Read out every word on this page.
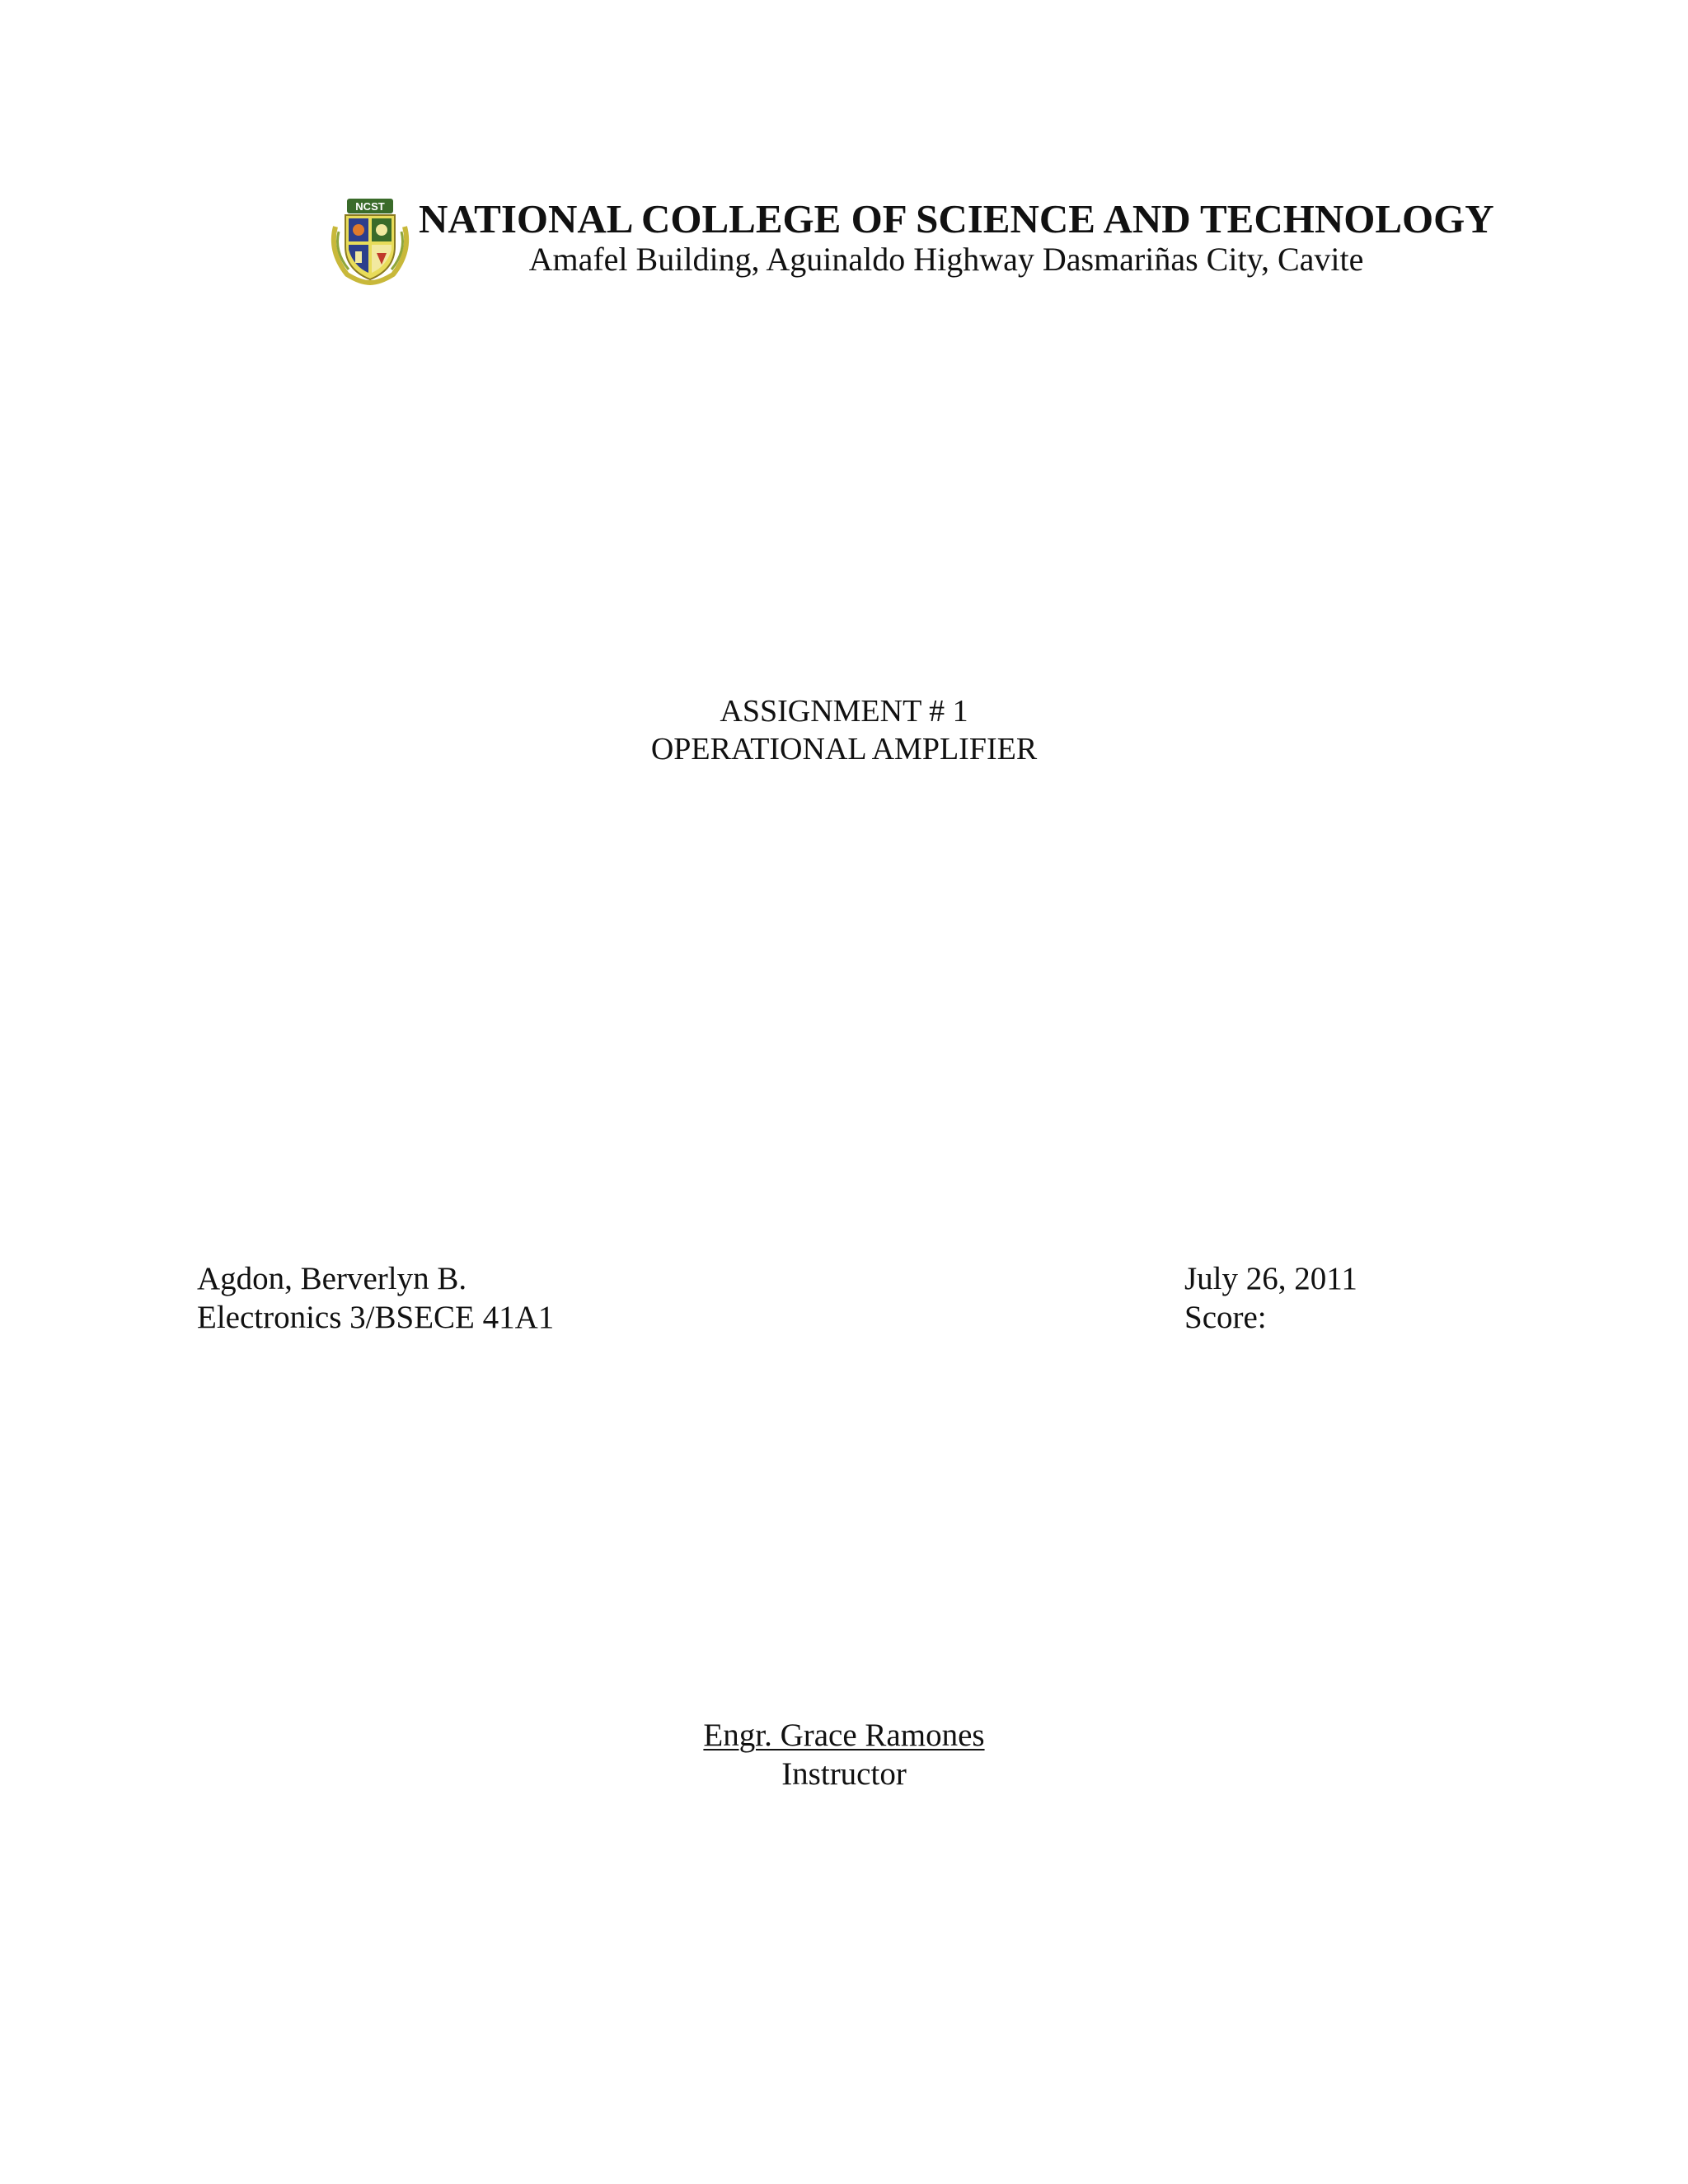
NCST NATIONAL COLLEGE OF SCIENCE AND TECHNOLOGY
Amafel Building, Aguinaldo Highway Dasmariñas City, Cavite
ASSIGNMENT # 1
OPERATIONAL AMPLIFIER
Agdon, Berverlyn B.
Electronics 3/BSECE 41A1
July 26, 2011
Score:
Engr. Grace Ramones
Instructor
